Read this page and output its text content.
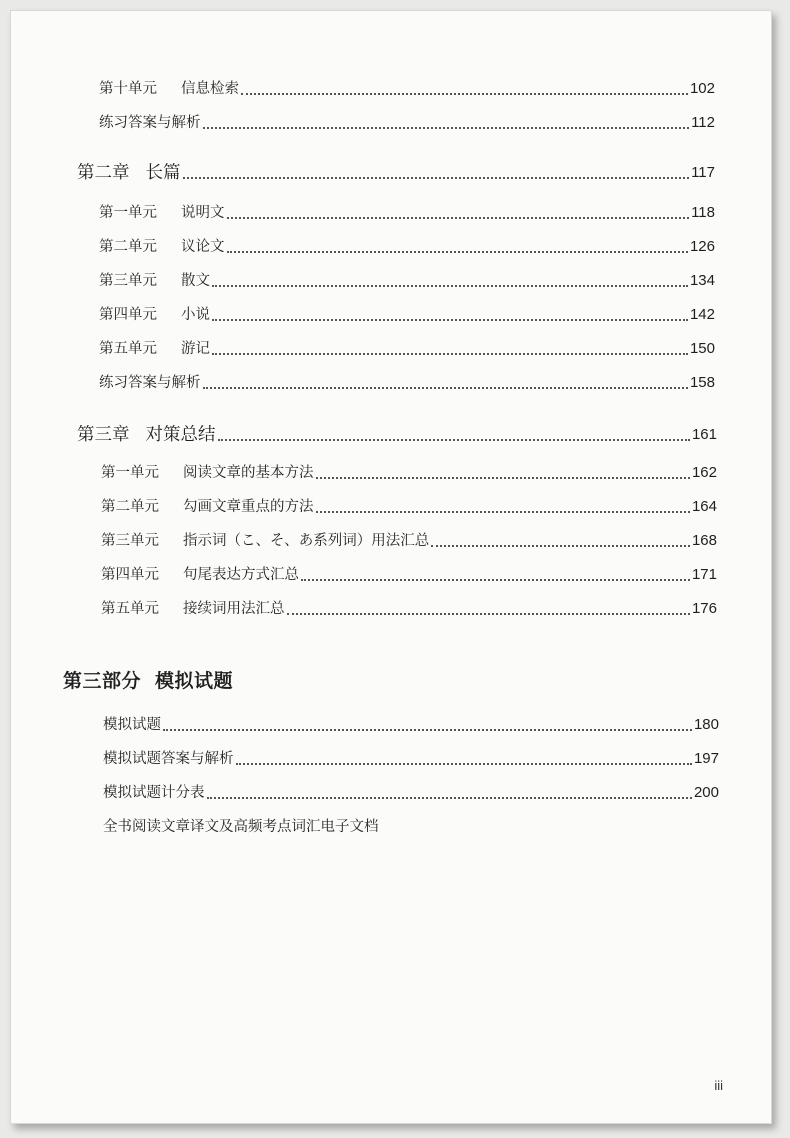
第十单元	信息检索	102
练习答案与解析	112
第二章 长篇	117
第一单元	说明文	118
第二单元	议论文	126
第三单元	散文	134
第四单元	小说	142
第五单元	游记	150
练习答案与解析	158
第三章 对策总结	161
第一单元	阅读文章的基本方法	162
第二单元	勾画文章重点的方法	164
第三单元	指示词（こ、そ、あ系列词）用法汇总	168
第四单元	句尾表达方式汇总	171
第五单元	接续词用法汇总	176
第三部分 模拟试题
模拟试题	180
模拟试题答案与解析	197
模拟试题计分表	200
全书阅读文章译文及高频考点词汇电子文档
iii
